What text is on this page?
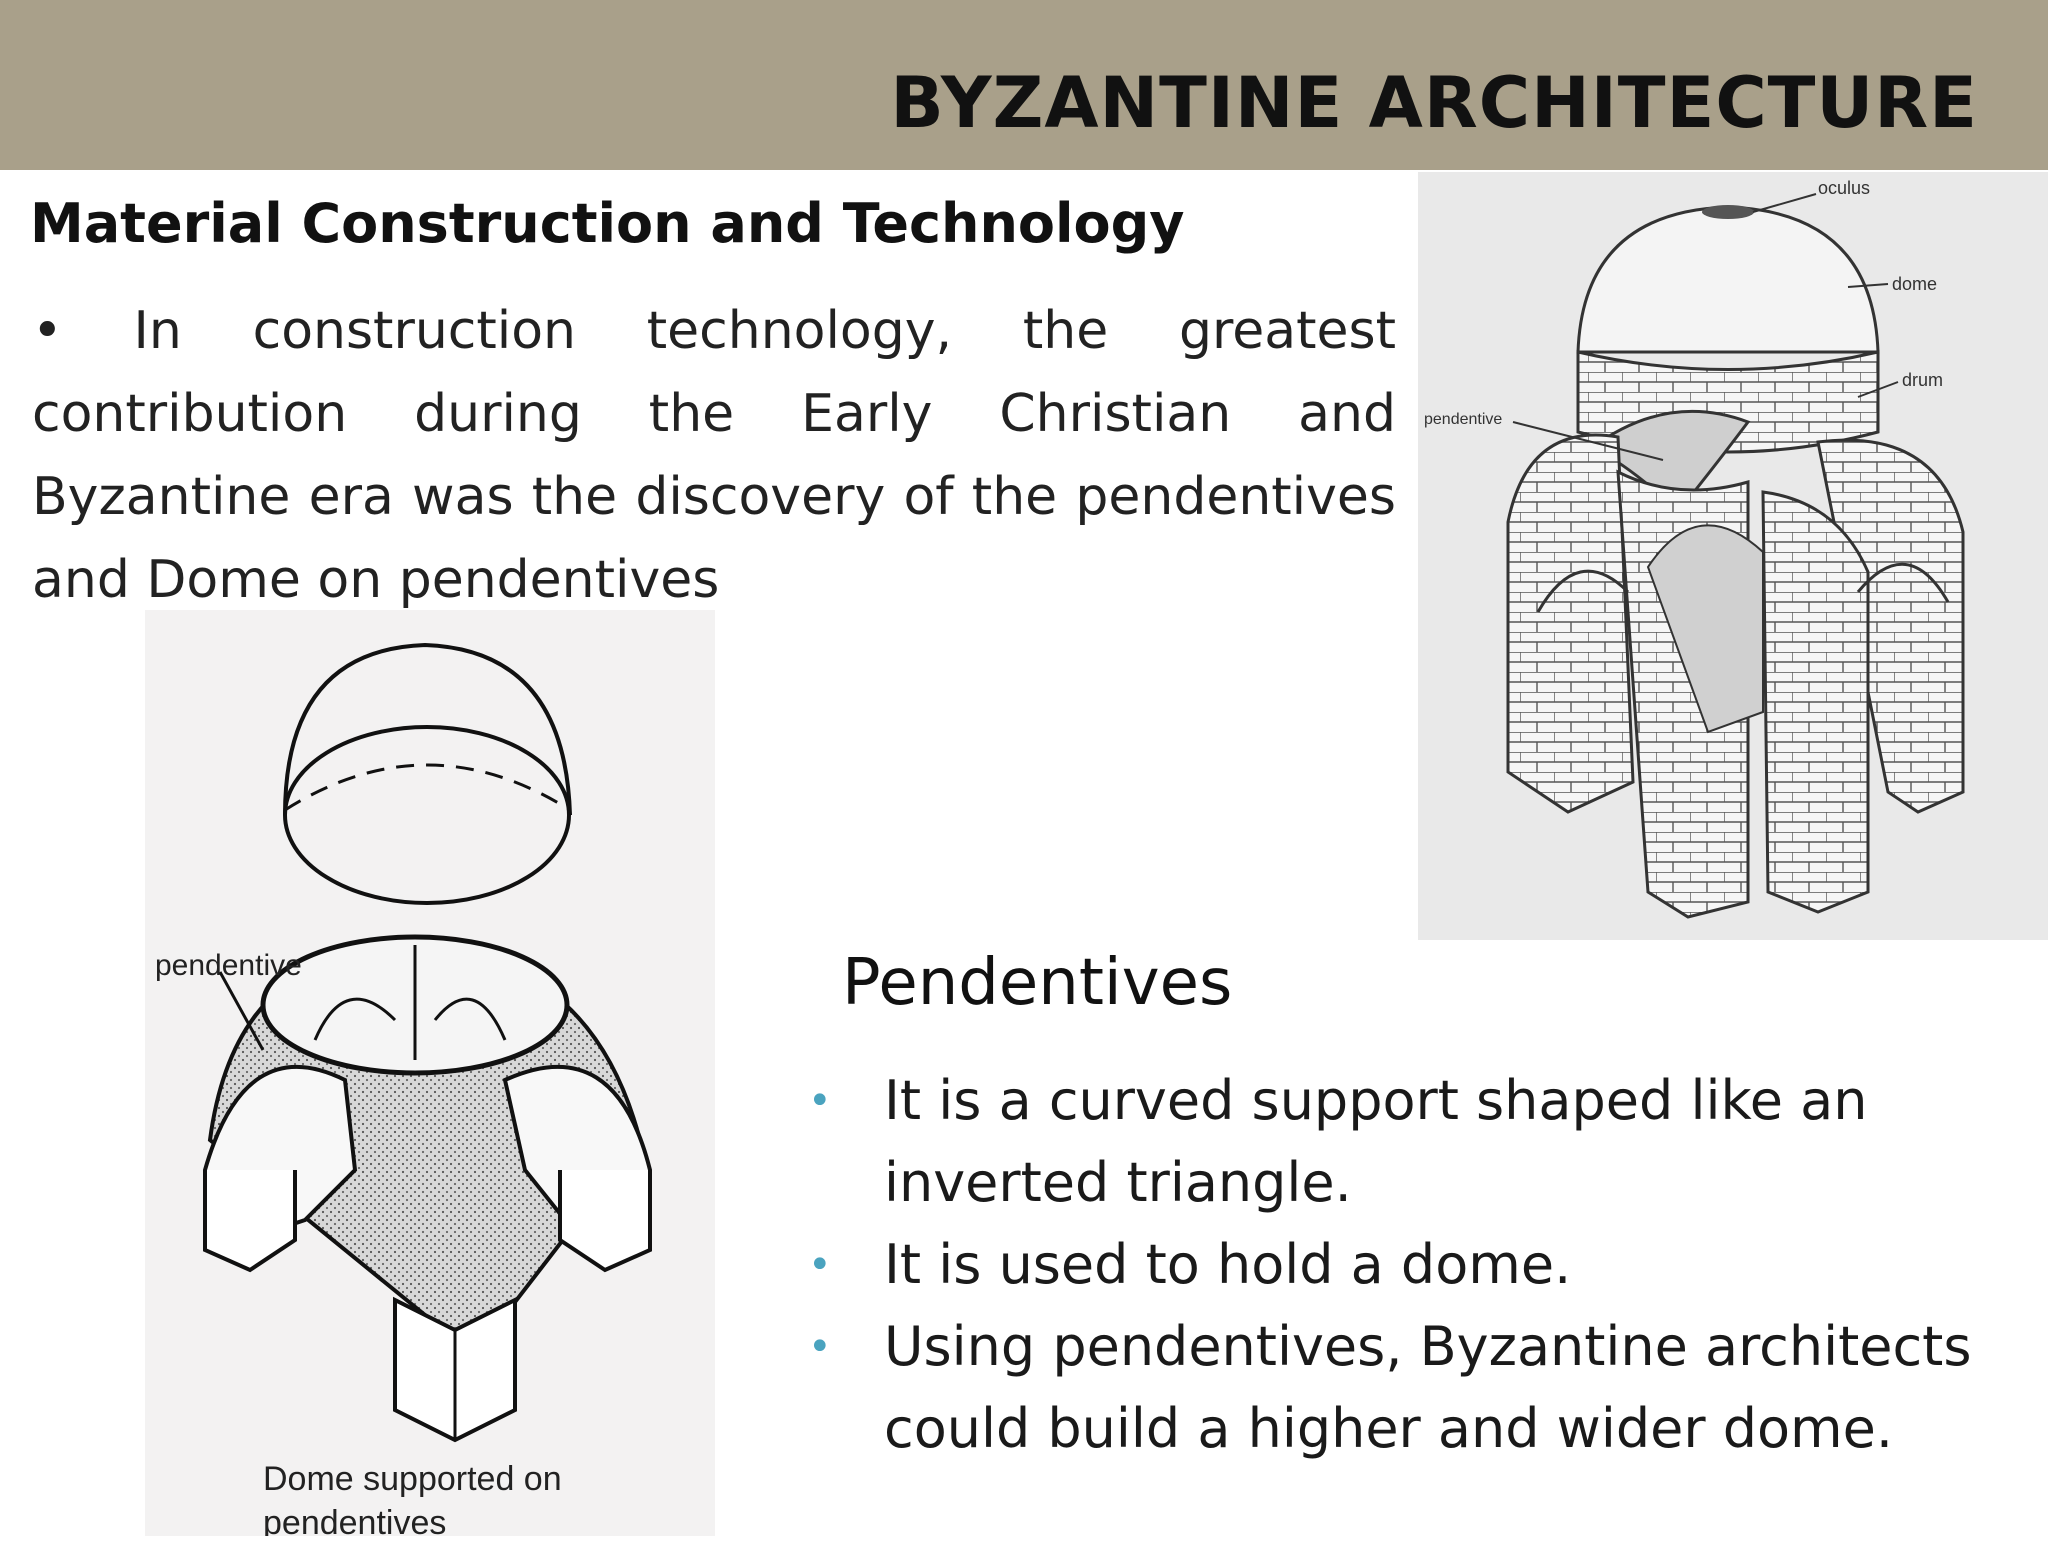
BYZANTINE ARCHITECTURE
Material Construction and Technology

• In construction technology, the greatest contribution during the Early Christian and Byzantine era was the discovery of the pendentives and Dome on pendentives

oculus
dome
drum
pendentive
pendentive
Dome supported on
pendentives
Pendentives
• It is a curved support shaped like an inverted triangle.
• It is used to hold a dome.
• Using pendentives, Byzantine architects could build a higher and wider dome.
